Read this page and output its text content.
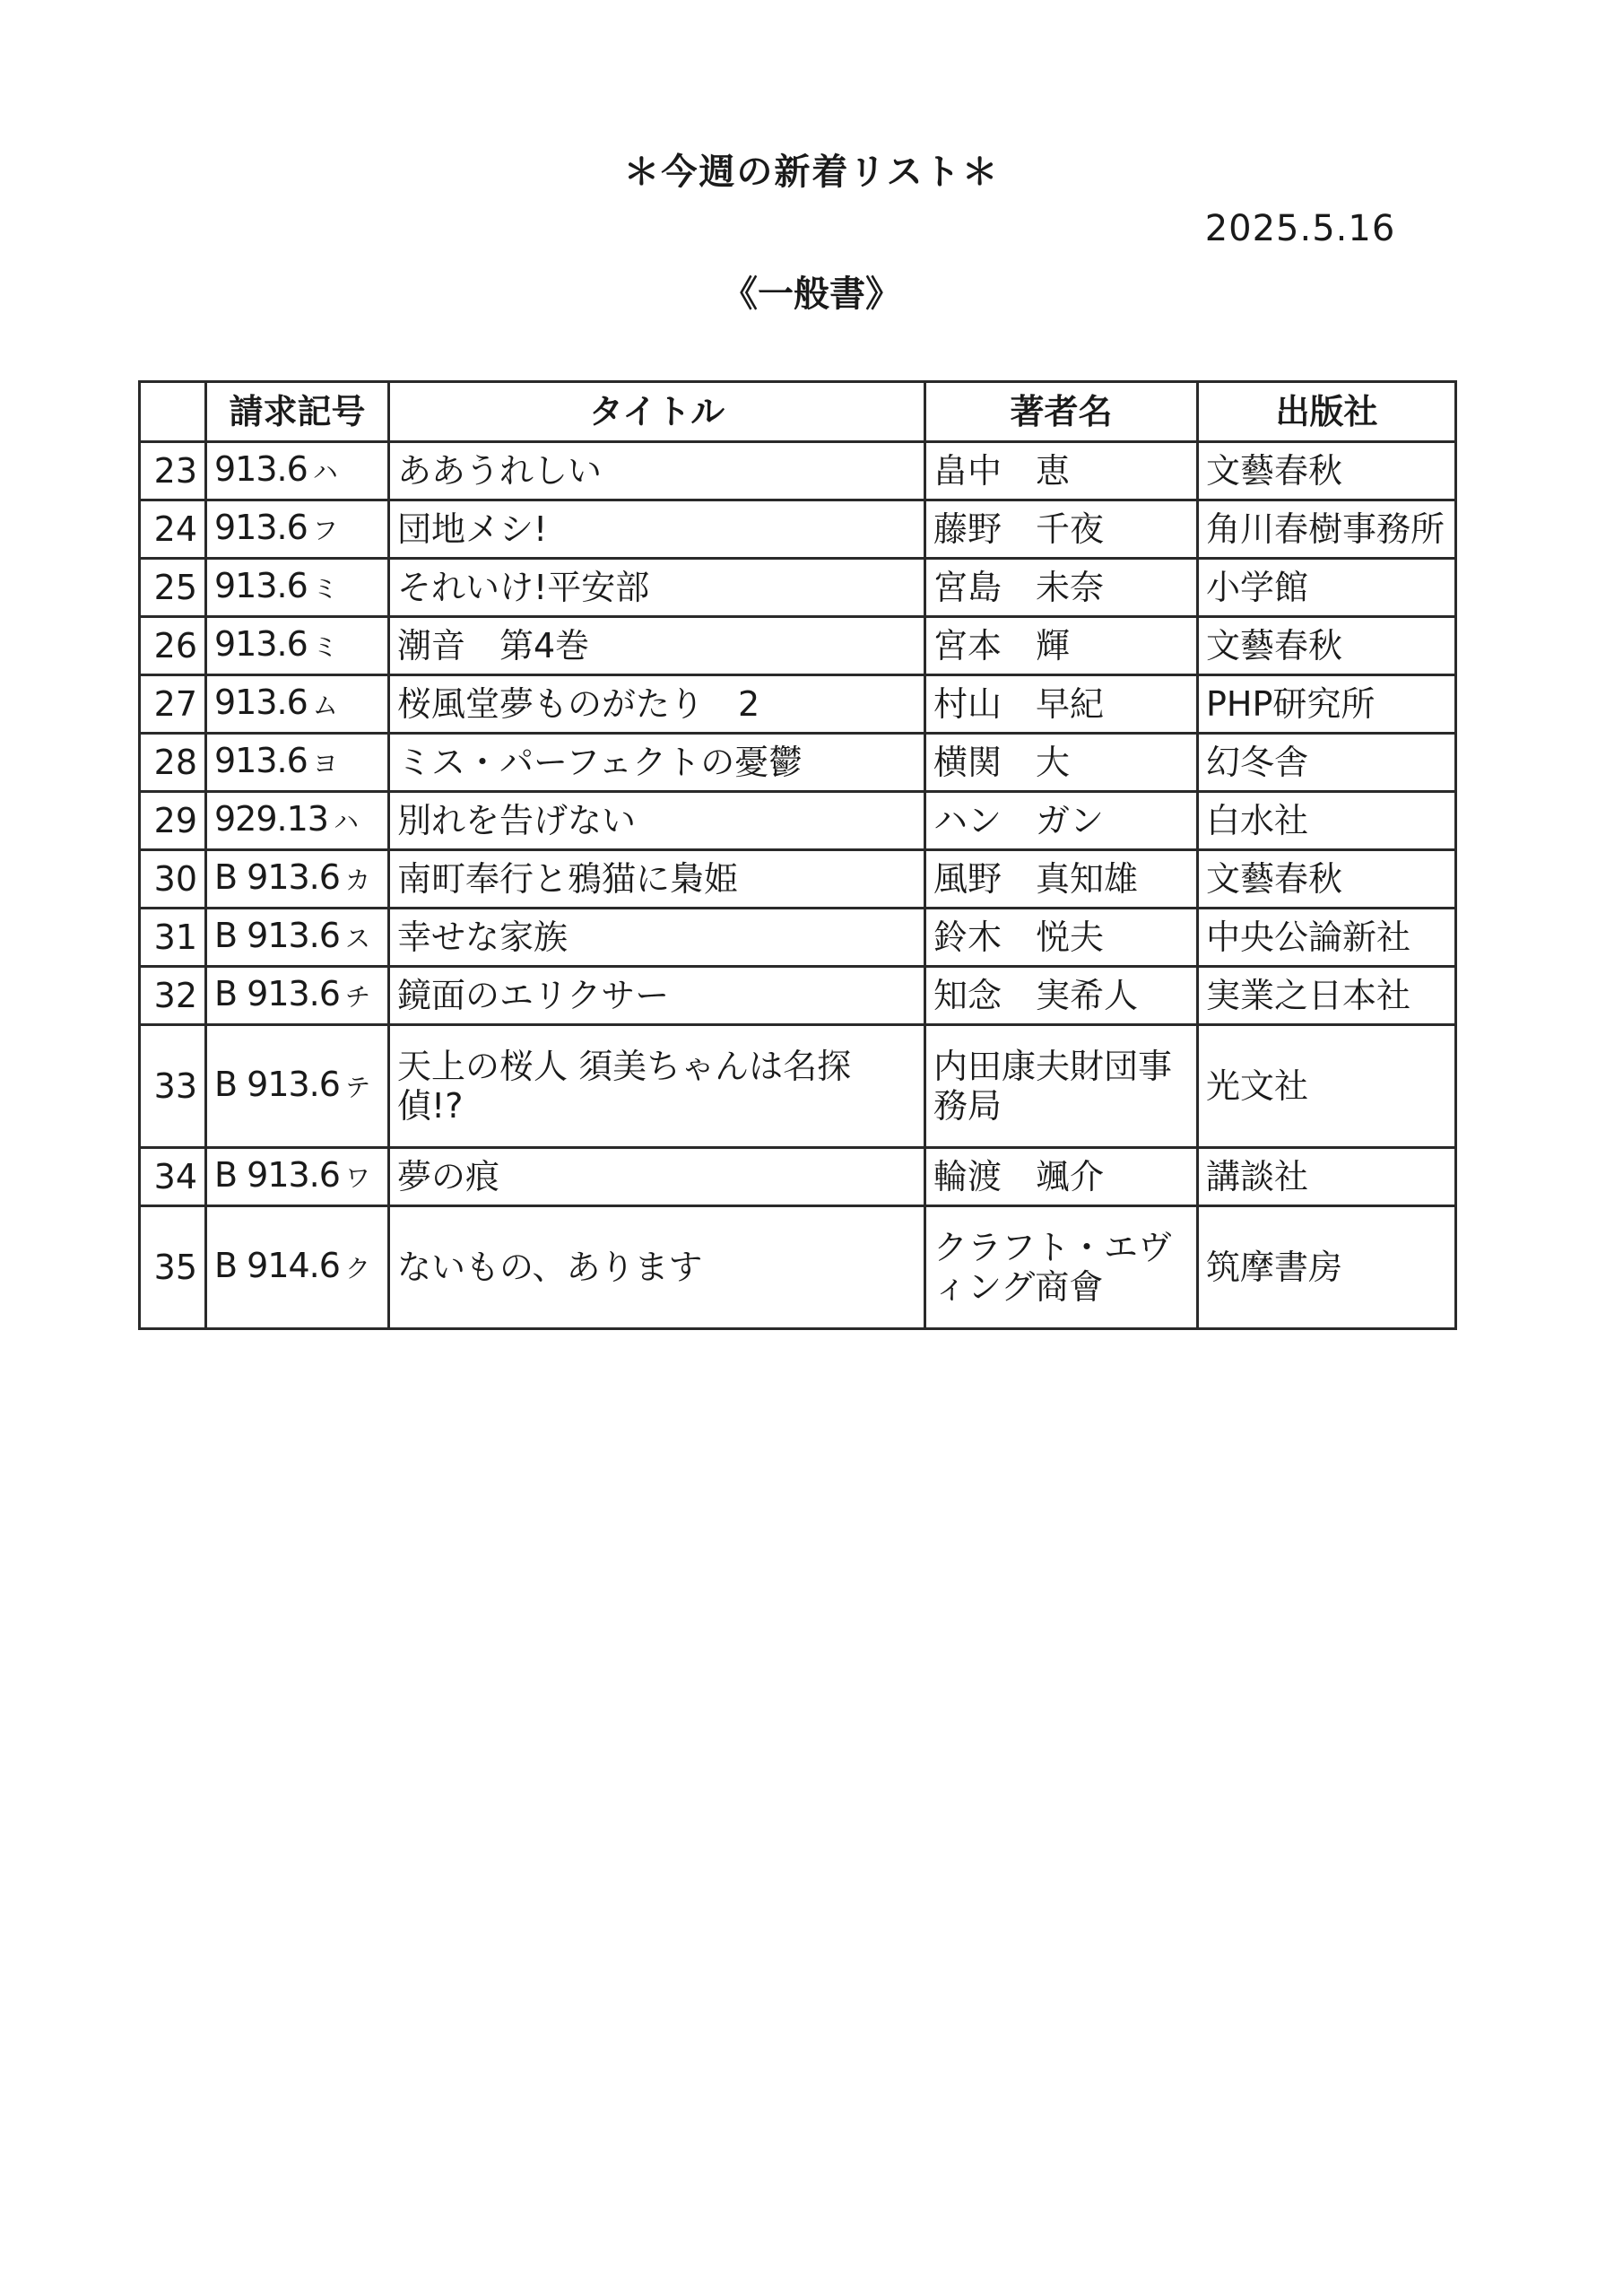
＊今週の新着リスト＊
2025.5.16
《一般書》
	請求記号	タイトル	著者名	出版社
23	913.6 ハ	ああうれしい	畠中　恵	文藝春秋
24	913.6 フ	団地メシ!	藤野　千夜	角川春樹事務所
25	913.6 ミ	それいけ!平安部	宮島　未奈	小学館
26	913.6 ミ	潮音　第4巻	宮本　輝	文藝春秋
27	913.6 ム	桜風堂夢ものがたり　2	村山　早紀	PHP研究所
28	913.6 ヨ	ミス・パーフェクトの憂鬱	横関　大	幻冬舎
29	929.13 ハ	別れを告げない	ハン　ガン	白水社
30	B 913.6 カ	南町奉行と鴉猫に梟姫	風野　真知雄	文藝春秋
31	B 913.6 ス	幸せな家族	鈴木　悦夫	中央公論新社
32	B 913.6 チ	鏡面のエリクサー	知念　実希人	実業之日本社
33	B 913.6 テ	天上の桜人 須美ちゃんは名探偵!?	内田康夫財団事務局	光文社
34	B 913.6 ワ	夢の痕	輪渡　颯介	講談社
35	B 914.6 ク	ないもの、あります	クラフト・エヴィング商會	筑摩書房
